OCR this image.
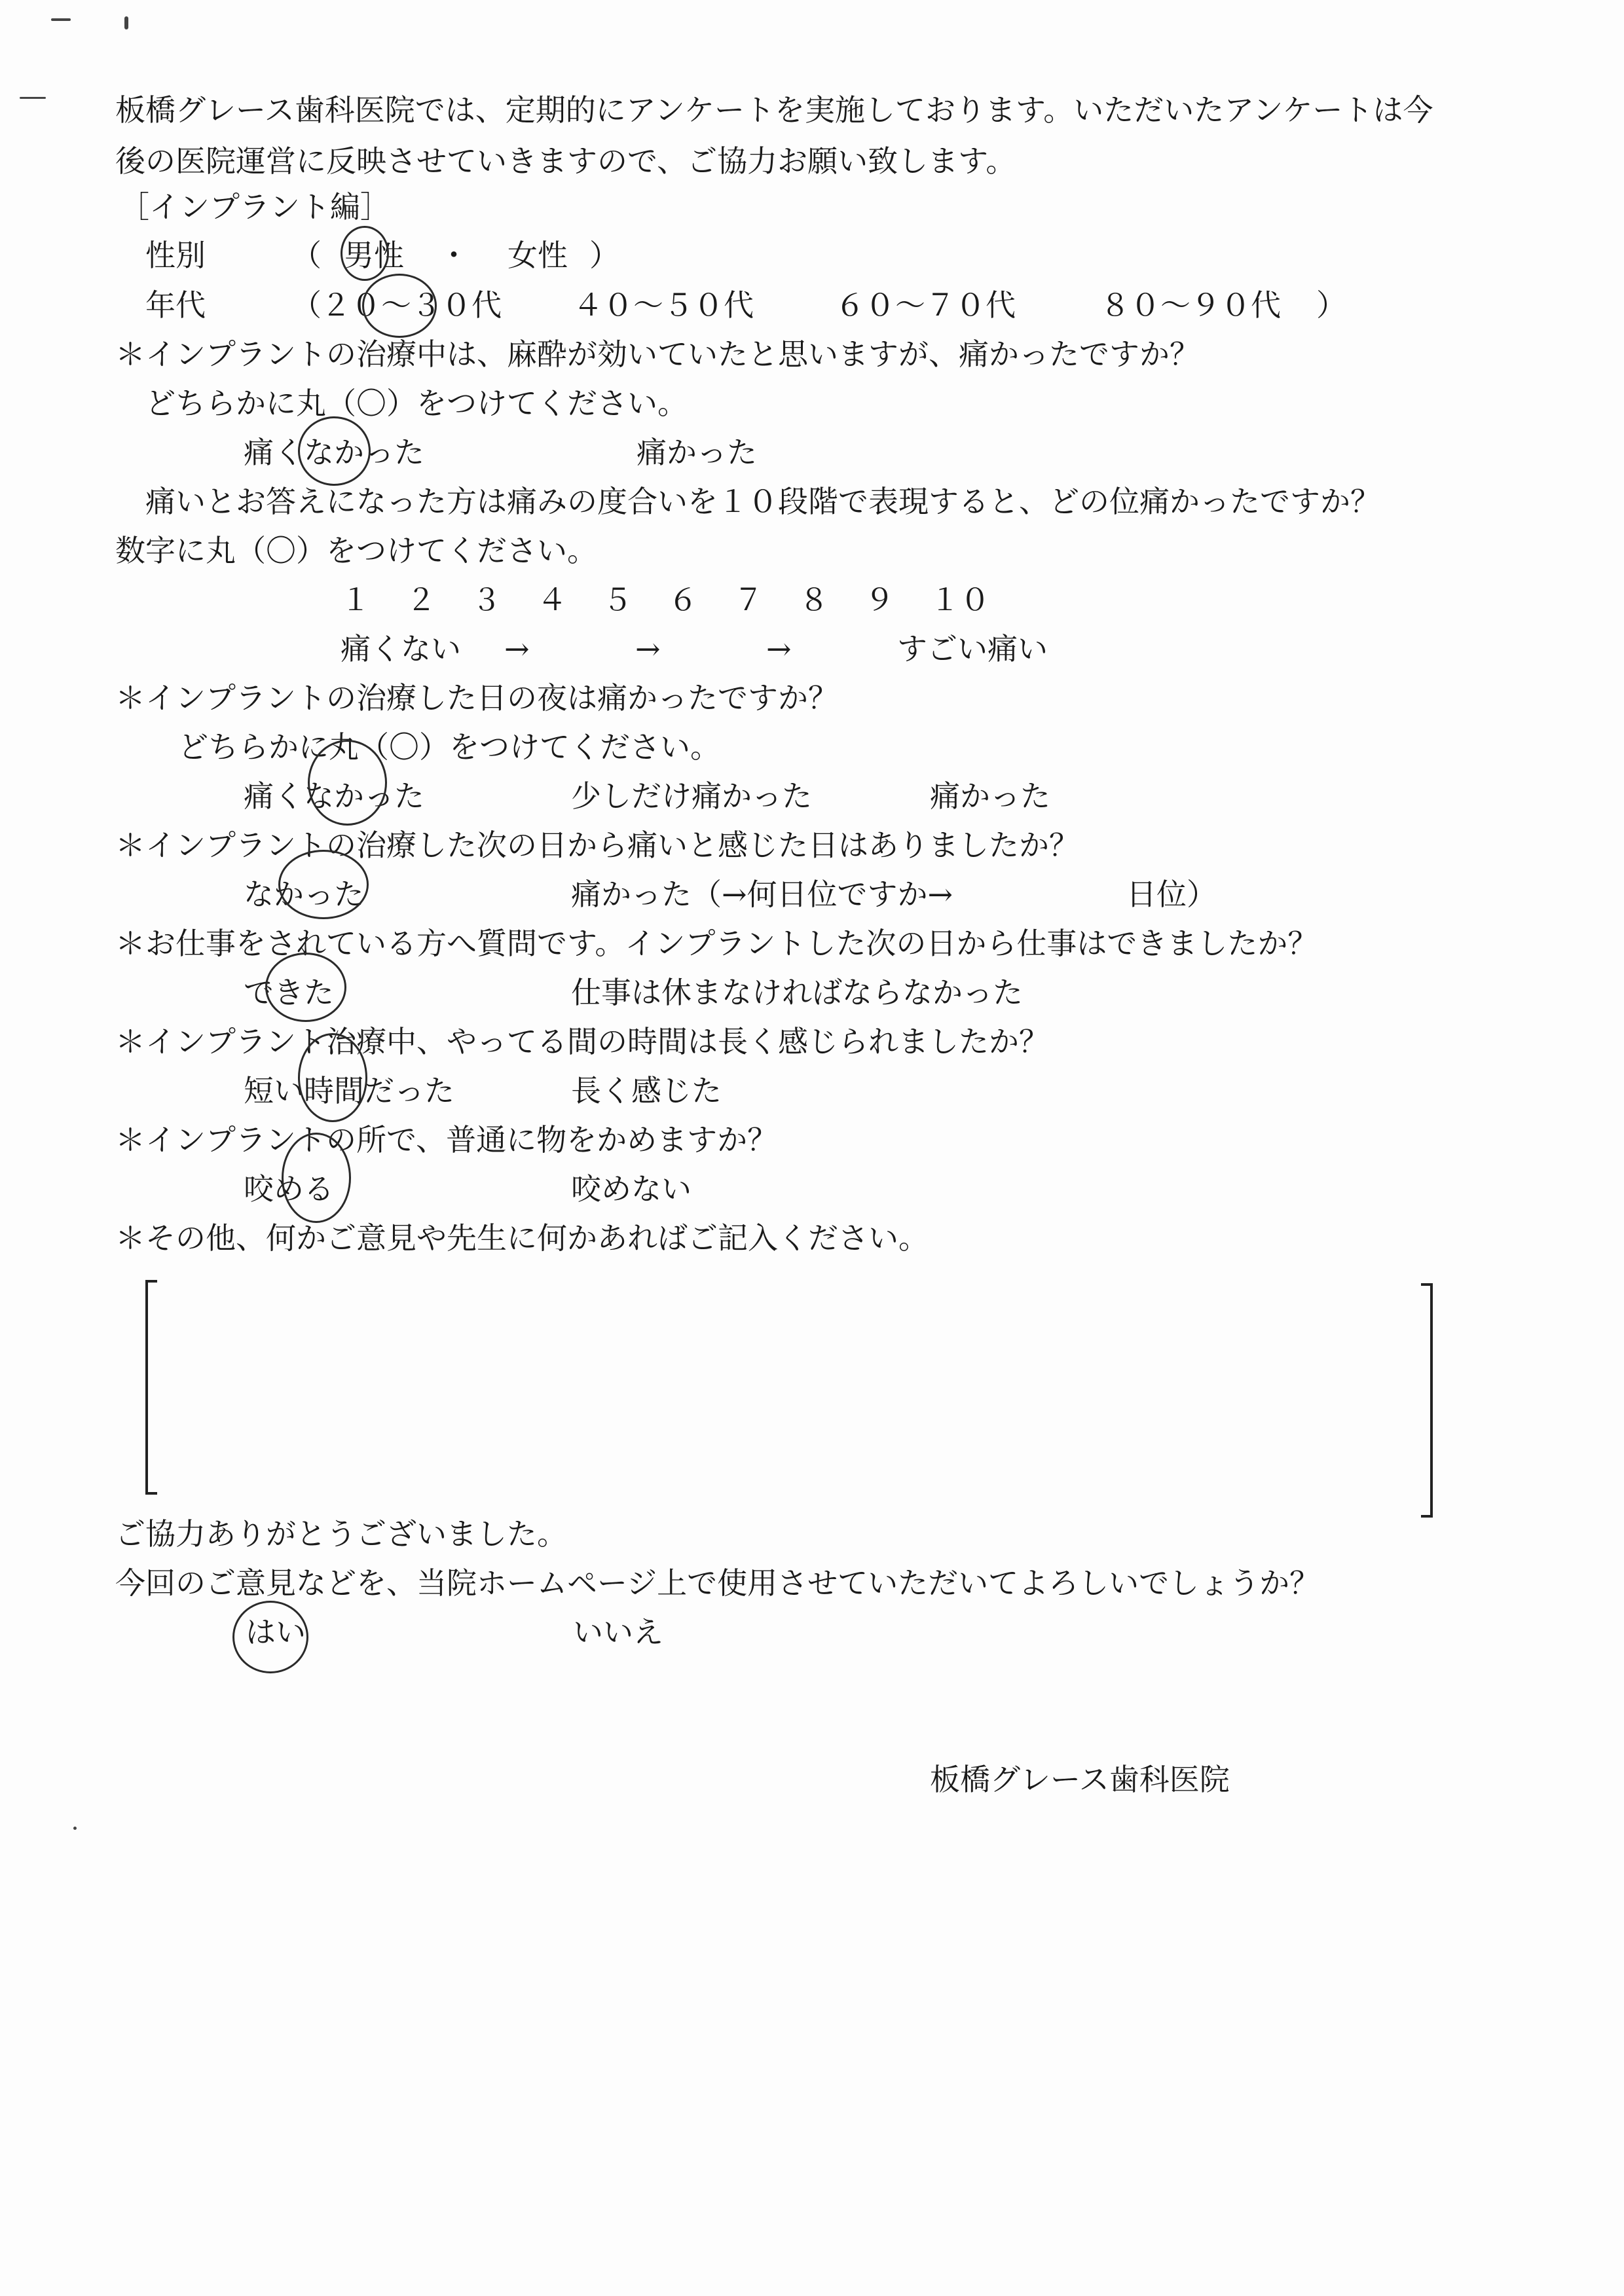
板橋グレース歯科医院では、定期的にアンケートを実施しております。いただいたアンケートは今
後の医院運営に反映させていきますので、ご協力お願い致します。
［インプラント編］
性別	（ 男性 ・ 女性 ）
年代	（ ２０～３０代 ４０～５０代	６０～７０代	８０～９０代 ）
＊インプラントの治療中は、麻酔が効いていたと思いますが、痛かったですか？
どちらかに丸（〇）をつけてください。
痛くなかった	痛かった
痛いとお答えになった方は痛みの度合いを１０段階で表現すると、どの位痛かったですか？
数字に丸（〇）をつけてください。
１ ２ ３ ４ ５ ６ ７ ８ ９ １０
痛くない →	→	→	すごい痛い
＊インプラントの治療した日の夜は痛かったですか？
どちらかに丸（〇）をつけてください。
痛くなかった	少しだけ痛かった	痛かった
＊インプラントの治療した次の日から痛いと感じた日はありましたか？
なかった	痛かった（→何日位ですか→	日位）
＊お仕事をされている方へ質問です。インプラントした次の日から仕事はできましたか？
できた	仕事は休まなければならなかった
＊インプラント治療中、やってる間の時間は長く感じられましたか？
短い時間だった	長く感じた
＊インプラントの所で、普通に物をかめますか？
咬める	咬めない
＊その他、何かご意見や先生に何かあればご記入ください。
ご協力ありがとうございました。
今回のご意見などを、当院ホームページ上で使用させていただいてよろしいでしょうか？
はい	いいえ
板橋グレース歯科医院
